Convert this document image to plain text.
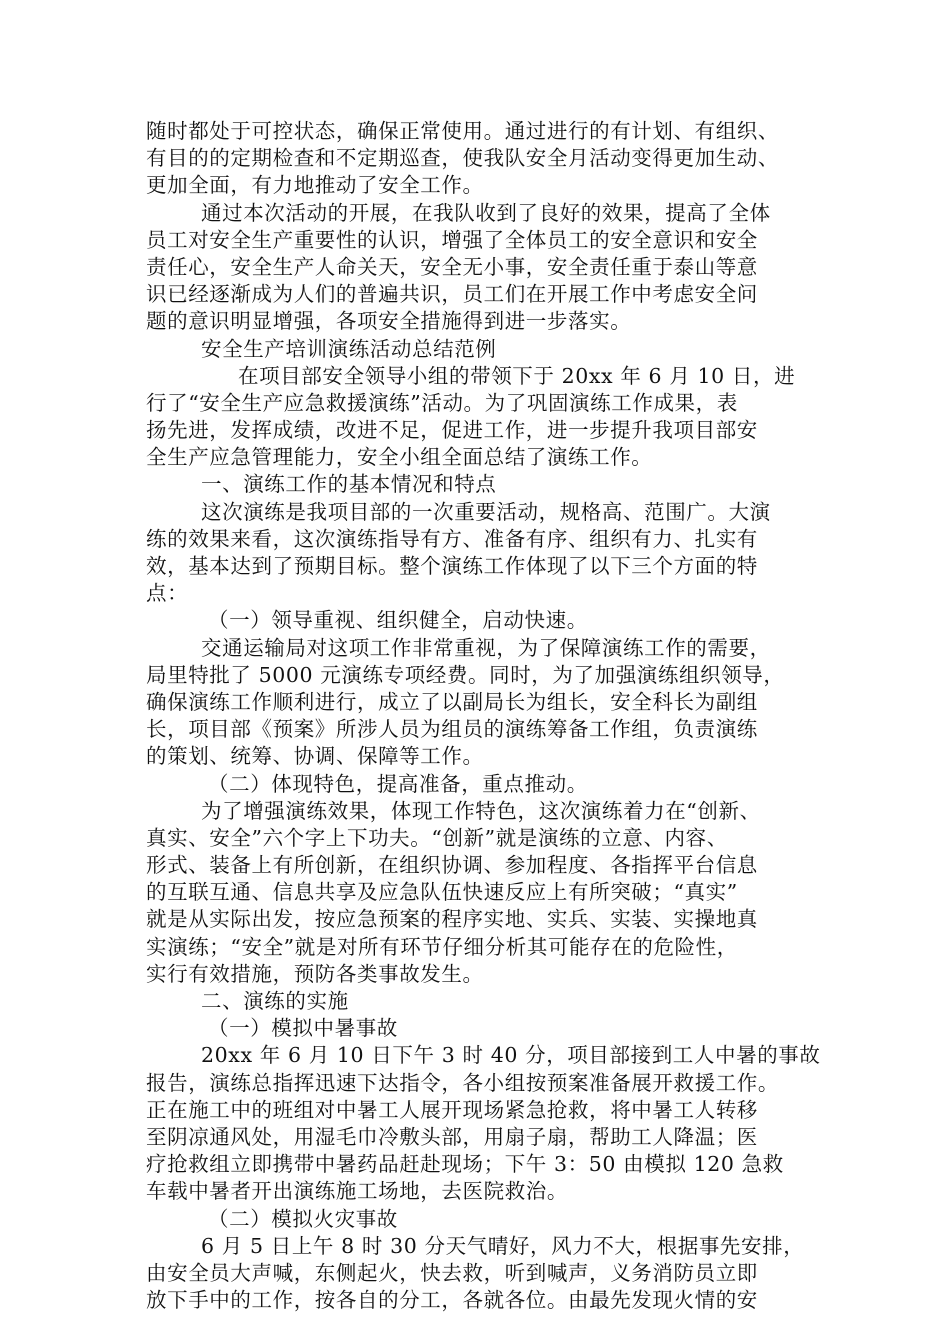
随时都处于可控状态，确保正常使用。通过进行的有计划、有组织、
有目的的定期检查和不定期巡查，使我队安全月活动变得更加生动、
更加全面，有力地推动了安全工作。
通过本次活动的开展，在我队收到了良好的效果，提高了全体
员工对安全生产重要性的认识，增强了全体员工的安全意识和安全
责任心，安全生产人命关天，安全无小事，安全责任重于泰山等意
识已经逐渐成为人们的普遍共识，员工们在开展工作中考虑安全问
题的意识明显增强，各项安全措施得到进一步落实。
安全生产培训演练活动总结范例
在项目部安全领导小组的带领下于 20xx 年 6 月 10 日，进
行了“安全生产应急救援演练”活动。为了巩固演练工作成果，表
扬先进，发挥成绩，改进不足，促进工作，进一步提升我项目部安
全生产应急管理能力，安全小组全面总结了演练工作。
一、演练工作的基本情况和特点
这次演练是我项目部的一次重要活动，规格高、范围广。大演
练的效果来看，这次演练指导有方、准备有序、组织有力、扎实有
效，基本达到了预期目标。整个演练工作体现了以下三个方面的特
点：
（一）领导重视、组织健全，启动快速。
交通运输局对这项工作非常重视，为了保障演练工作的需要，
局里特批了 5000 元演练专项经费。同时，为了加强演练组织领导，
确保演练工作顺利进行，成立了以副局长为组长，安全科长为副组
长，项目部《预案》所涉人员为组员的演练筹备工作组，负责演练
的策划、统筹、协调、保障等工作。
（二）体现特色，提高准备，重点推动。
为了增强演练效果，体现工作特色，这次演练着力在“创新、
真实、安全”六个字上下功夫。“创新”就是演练的立意、内容、
形式、装备上有所创新，在组织协调、参加程度、各指挥平台信息
的互联互通、信息共享及应急队伍快速反应上有所突破；“真实”
就是从实际出发，按应急预案的程序实地、实兵、实装、实操地真
实演练；“安全”就是对所有环节仔细分析其可能存在的危险性，
实行有效措施，预防各类事故发生。
二、演练的实施
（一）模拟中暑事故
20xx 年 6 月 10 日下午 3 时 40 分，项目部接到工人中暑的事故
报告，演练总指挥迅速下达指令，各小组按预案准备展开救援工作。
正在施工中的班组对中暑工人展开现场紧急抢救，将中暑工人转移
至阴凉通风处，用湿毛巾冷敷头部，用扇子扇，帮助工人降温；医
疗抢救组立即携带中暑药品赶赴现场；下午 3：50 由模拟 120 急救
车载中暑者开出演练施工场地，去医院救治。
（二）模拟火灾事故
6 月 5 日上午 8 时 30 分天气晴好，风力不大，根据事先安排，
由安全员大声喊，东侧起火，快去救，听到喊声，义务消防员立即
放下手中的工作，按各自的分工，各就各位。由最先发现火情的安
